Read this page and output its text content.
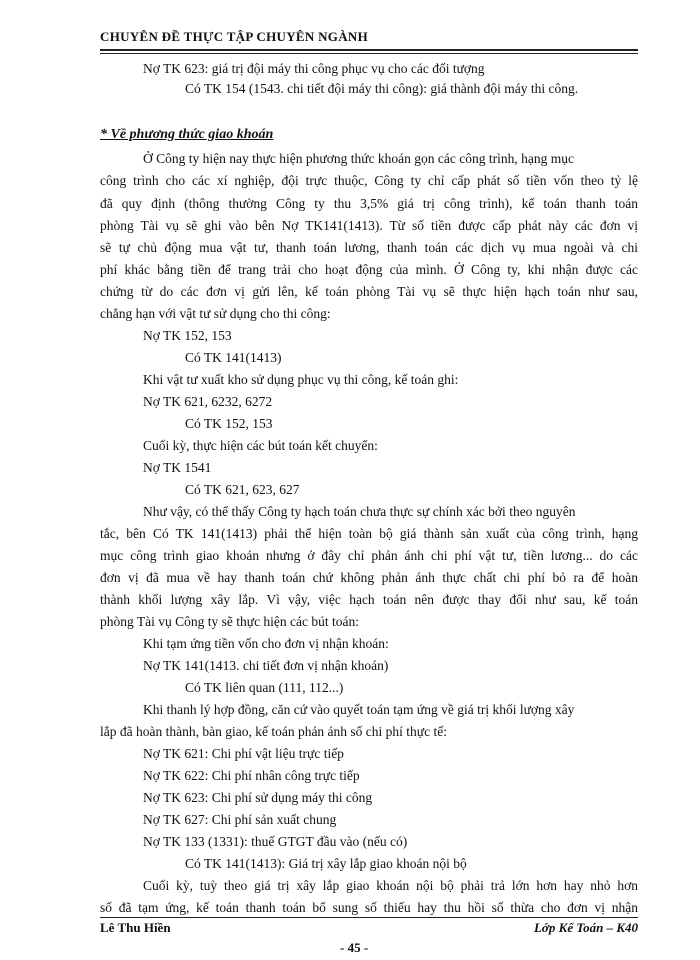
CHUYÊN ĐỀ THỰC TẬP CHUYÊN NGÀNH
Nợ TK 623: giá trị đội máy thi công phục vụ cho các đối tượng
Có TK 154 (1543. chi tiết đội máy thi công): giá thành đội máy thi công.
* Về phương thức giao khoán
Ở Công ty hiện nay thực hiện phương thức khoán gọn các công trình, hạng mục
công trình cho các xí nghiệp, đội trực thuộc, Công ty chỉ cấp phát số tiền vốn theo tỷ lệ
đã quy định (thông thường Công ty thu 3,5% giá trị công trình), kế toán thanh toán
phòng Tài vụ sẽ ghi vào bên Nợ TK141(1413). Từ số tiền được cấp phát này các đơn vị
sẽ tự chủ động mua vật tư, thanh toán lương, thanh toán các dịch vụ mua ngoài và chi
phí khác bằng tiền để trang trải cho hoạt động của mình. Ở Công ty, khi nhận được các
chứng từ do các đơn vị gửi lên, kế toán phòng Tài vụ sẽ thực hiện hạch toán như sau,
chẳng hạn với vật tư sử dụng cho thi công:
Nợ TK 152, 153
Có TK 141(1413)
Khi vật tư xuất kho sử dụng phục vụ thi công, kế toán ghi:
Nợ TK 621, 6232, 6272
Có TK 152, 153
Cuối kỳ, thực hiện các bút toán kết chuyển:
Nợ TK 1541
Có TK 621, 623, 627
Như vậy, có thể thấy Công ty hạch toán chưa thực sự chính xác bởi theo nguyên
tắc, bên Có TK 141(1413) phải thể hiện toàn bộ giá thành sản xuất của công trình, hạng
mục công trình giao khoán nhưng ở đây chỉ phản ánh chi phí vật tư, tiền lương... do các
đơn vị đã mua về hay thanh toán chứ không phản ánh thực chất chi phí bỏ ra để hoàn
thành khối lượng xây lắp. Vì vậy, việc hạch toán nên được thay đổi như sau, kế toán
phòng Tài vụ Công ty sẽ thực hiện các bút toán:
Khi tạm ứng tiền vốn cho đơn vị nhận khoán:
Nợ TK 141(1413. chi tiết đơn vị nhận khoán)
Có TK liên quan (111, 112...)
Khi thanh lý hợp đồng, căn cứ vào quyết toán tạm ứng về giá trị khối lượng xây
lắp đã hoàn thành, bàn giao, kế toán phản ánh số chi phí thực tế:
Nợ TK 621: Chi phí vật liệu trực tiếp
Nợ TK 622: Chi phí nhân công trực tiếp
Nợ TK 623: Chi phí sử dụng máy thi công
Nợ TK 627: Chi phí sản xuất chung
Nợ TK 133 (1331): thuế GTGT đầu vào (nếu có)
Có TK 141(1413): Giá trị xây lắp giao khoán nội bộ
Cuối kỳ, tuỳ theo giá trị xây lắp giao khoán nội bộ phải trả lớn hơn hay nhỏ hơn
số đã tạm ứng, kế toán thanh toán bổ sung số thiếu hay thu hồi số thừa cho đơn vị nhận
Lê Thu Hiền	Lớp Kế Toán – K40
- 45 -
